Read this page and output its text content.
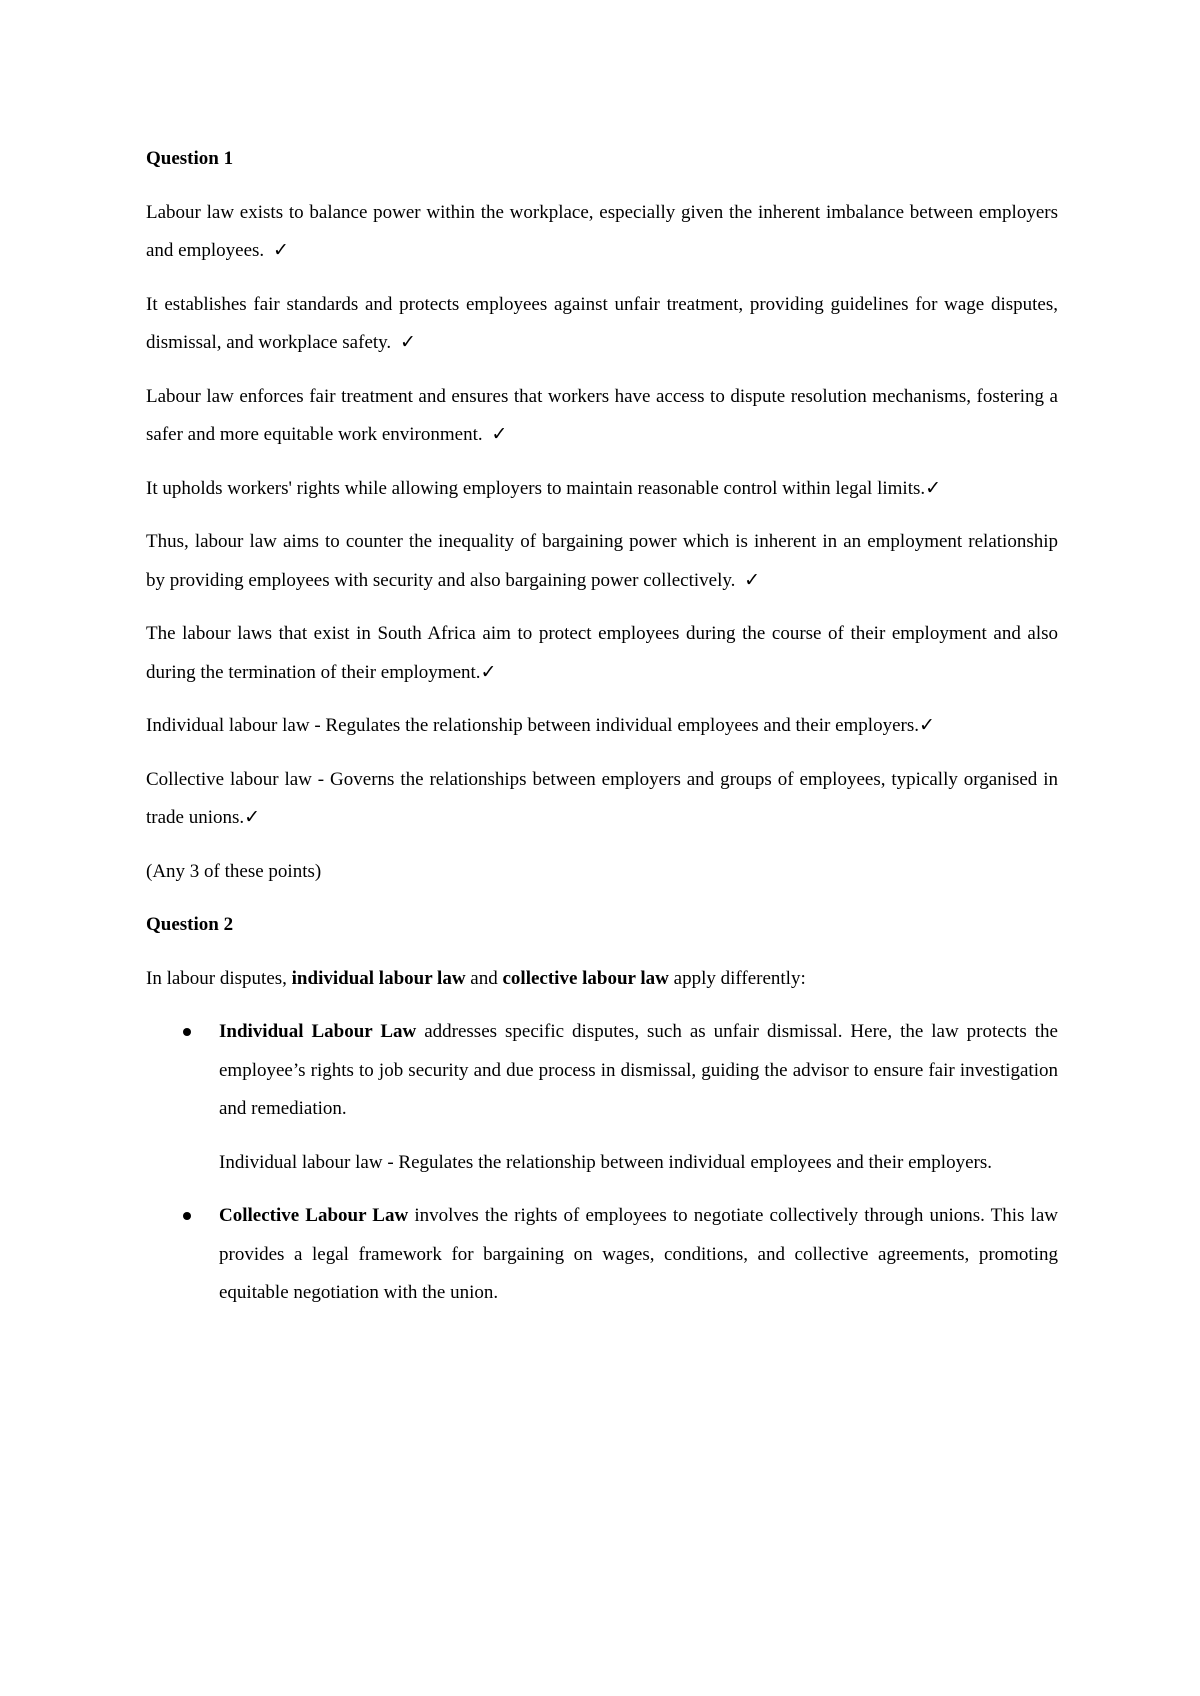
Question 1

Labour law exists to balance power within the workplace, especially given the inherent imbalance between employers and employees. ✓

It establishes fair standards and protects employees against unfair treatment, providing guidelines for wage disputes, dismissal, and workplace safety. ✓

Labour law enforces fair treatment and ensures that workers have access to dispute resolution mechanisms, fostering a safer and more equitable work environment. ✓

It upholds workers' rights while allowing employers to maintain reasonable control within legal limits.✓

Thus, labour law aims to counter the inequality of bargaining power which is inherent in an employment relationship by providing employees with security and also bargaining power collectively. ✓

The labour laws that exist in South Africa aim to protect employees during the course of their employment and also during the termination of their employment.✓

Individual labour law - Regulates the relationship between individual employees and their employers.✓

Collective labour law - Governs the relationships between employers and groups of employees, typically organised in trade unions.✓

(Any 3 of these points)

Question 2

In labour disputes, individual labour law and collective labour law apply differently:

Individual Labour Law addresses specific disputes, such as unfair dismissal. Here, the law protects the employee’s rights to job security and due process in dismissal, guiding the advisor to ensure fair investigation and remediation.

Individual labour law - Regulates the relationship between individual employees and their employers.

Collective Labour Law involves the rights of employees to negotiate collectively through unions. This law provides a legal framework for bargaining on wages, conditions, and collective agreements, promoting equitable negotiation with the union.
